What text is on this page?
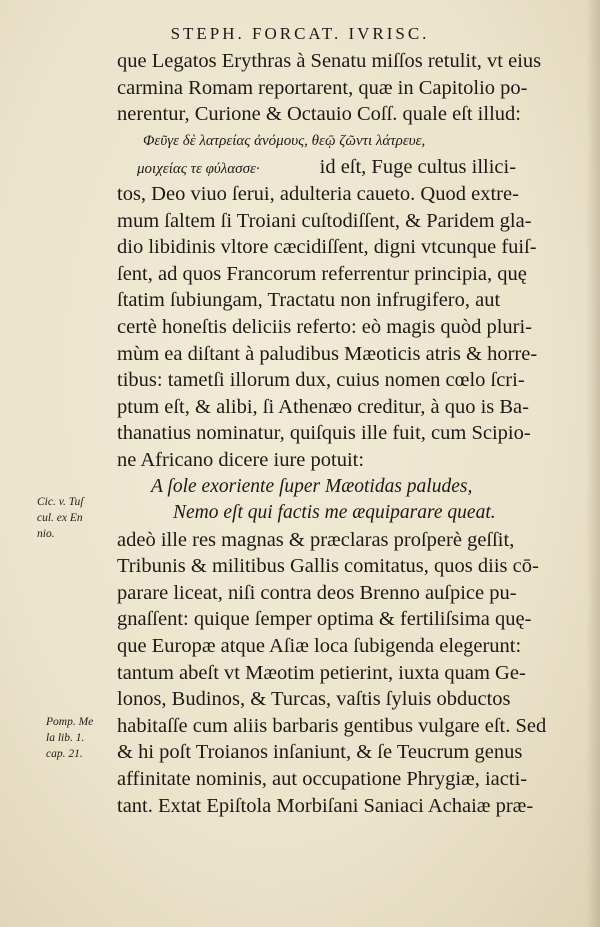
STEPH. FORCAT. IVRISC.
que Legatos Erythras à Senatu miſſos retulit, vt eius
carmina Romam reportarent, quæ in Capitolio po-
nerentur, Curione & Octauio Coſſ. quale eſt illud:
Φεῦγε δὲ λατρείας ἀνόμους, θεῷ ζῶντι λάτρευε,
μοιχείας τε φύλασσε·	id eſt, Fuge cultus illici-
tos, Deo viuo ſerui, adulteria caueto. Quod extre-
mum ſaltem ſi Troiani cuſtodiſſent, & Paridem gla-
dio libidinis vltore cæcidiſſent, digni vtcunque fuiſ-
ſent, ad quos Francorum referrentur principia, quę
ſtatim ſubiungam, Tractatu non infrugifero, aut
certè honeſtis deliciis referto: eò magis quòd pluri-
mùm ea diſtant à paludibus Mæoticis atris & horre-
tibus: tametſi illorum dux, cuius nomen cœlo ſcri-
ptum eſt, & alibi, ſi Athenæo creditur, à quo is Ba-
thanatius nominatur, quiſquis ille fuit, cum Scipio-
ne Africano dicere iure potuit:
A ſole exoriente ſuper Mæotidas paludes,
Nemo eſt qui factis me æquiparare queat.
adeò ille res magnas & præclaras proſperè geſſit,
Tribunis & militibus Gallis comitatus, quos diis cō-
parare liceat, niſi contra deos Brenno auſpice pu-
gnaſſent: quique ſemper optima & fertiliſsima quę-
que Europæ atque Aſiæ loca ſubigenda elegerunt:
tantum abeſt vt Mæotim petierint, iuxta quam Ge-
lonos, Budinos, & Turcas, vaſtis ſyluis obductos
habitaſſe cum aliis barbaris gentibus vulgare eſt. Sed
& hi poſt Troianos inſaniunt, & ſe Teucrum genus
affinitate nominis, aut occupatione Phrygiæ, iacti-
tant. Extat Epiſtola Morbiſani Saniaci Achaiæ præ-
Cic. v. Tuſ
cul. ex En
nio.
Pomp. Me
la lib. 1.
cap. 21.
